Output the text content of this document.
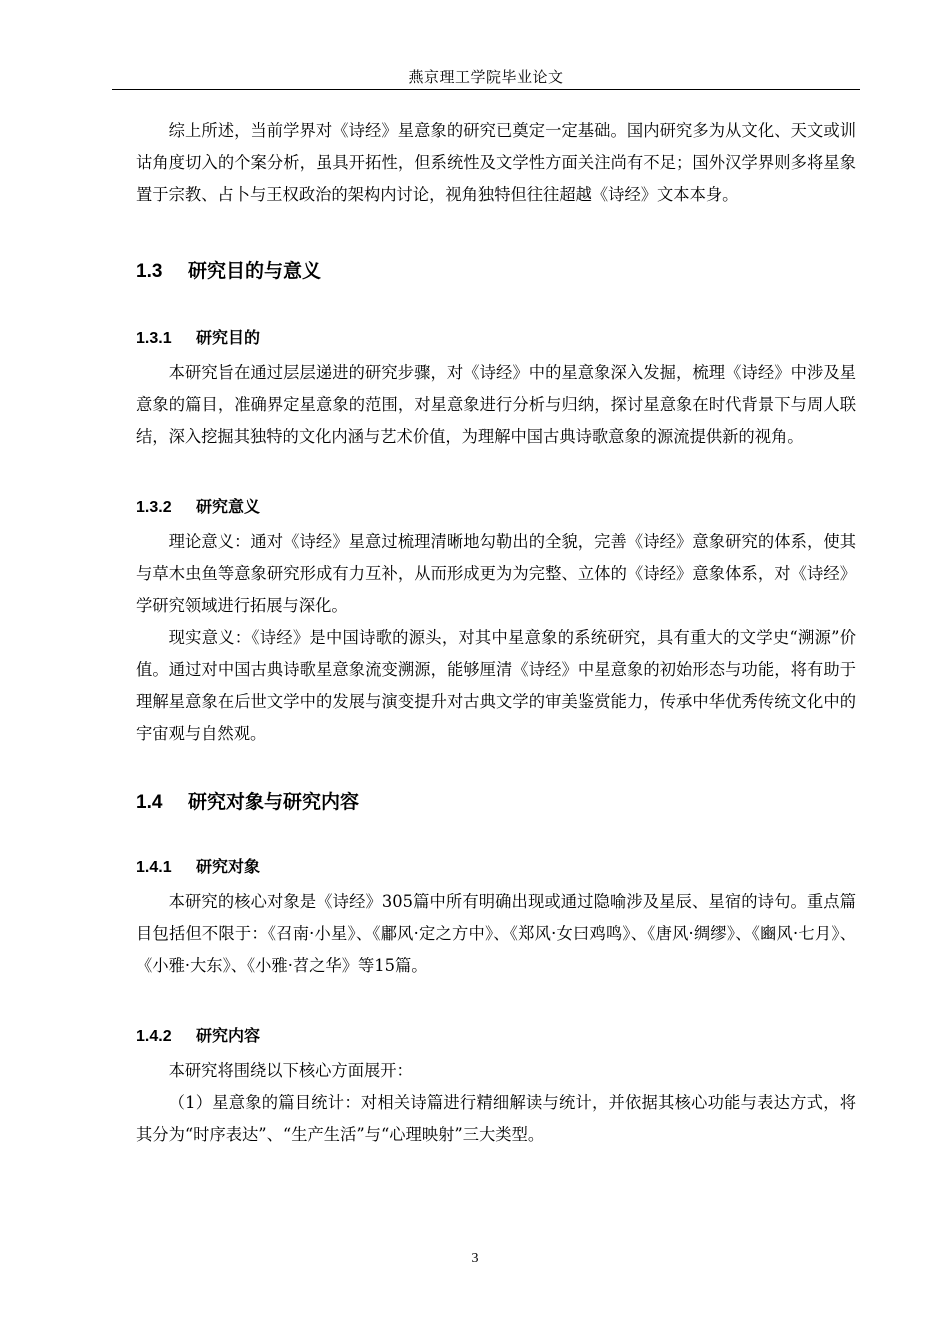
燕京理工学院毕业论文

综上所述，当前学界对《诗经》星意象的研究已奠定一定基础。国内研究多为从文化、天文或训诂角度切入的个案分析，虽具开拓性，但系统性及文学性方面关注尚有不足；国外汉学界则多将星象置于宗教、占卜与王权政治的架构内讨论，视角独特但往往超越《诗经》文本本身。

1.3 研究目的与意义
1.3.1 研究目的

本研究旨在通过层层递进的研究步骤，对《诗经》中的星意象深入发掘，梳理《诗经》中涉及星意象的篇目，准确界定星意象的范围，对星意象进行分析与归纳，探讨星意象在时代背景下与周人联结，深入挖掘其独特的文化内涵与艺术价值，为理解中国古典诗歌意象的源流提供新的视角。

1.3.2 研究意义

理论意义：通对《诗经》星意过梳理清晰地勾勒出的全貌，完善《诗经》意象研究的体系，使其与草木虫鱼等意象研究形成有力互补，从而形成更为为完整、立体的《诗经》意象体系，对《诗经》学研究领域进行拓展与深化。

现实意义：《诗经》是中国诗歌的源头，对其中星意象的系统研究，具有重大的文学史“溯源”价值。通过对中国古典诗歌星意象流变溯源，能够厘清《诗经》中星意象的初始形态与功能，将有助于理解星意象在后世文学中的发展与演变提升对古典文学的审美鉴赏能力，传承中华优秀传统文化中的宇宙观与自然观。

1.4 研究对象与研究内容
1.4.1 研究对象

本研究的核心对象是《诗经》305篇中所有明确出现或通过隐喻涉及星辰、星宿的诗句。重点篇目包括但不限于：《召南·小星》、《鄘风·定之方中》、《郑风·女曰鸡鸣》、《唐风·绸缪》、《豳风·七月》、《小雅·大东》、《小雅·苕之华》等15篇。

1.4.2 研究内容

本研究将围绕以下核心方面展开：

（1）星意象的篇目统计：对相关诗篇进行精细解读与统计，并依据其核心功能与表达方式，将其分为“时序表达”、“生产生活”与“心理映射”三大类型。

3
